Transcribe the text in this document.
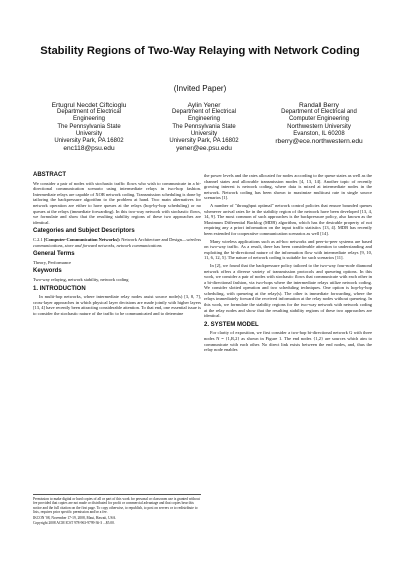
Stability Regions of Two-Way Relaying with Network Coding
(Invited Paper)
Ertugrul Necdet Ciftcioglu
Department of Electrical
Engineering
The Pennsylvania State
University
University Park, PA 16802
enc118@psu.edu
Aylin Yener
Department of Electrical
Engineering
The Pennsylvania State
University
University Park, PA 16802
yener@ee.psu.edu
Randall Berry
Department of Electrical and
Computer Engineering
Northwestern University
Evanston, IL 60208
rberry@ece.northwestern.edu
ABSTRACT

We consider a pair of nodes with stochastic traffic flows who wish to communicate in a bi-directional communication scenario using intermediate relays in two-hop fashion. Intermediate relays are capable of XOR network coding. Transmission scheduling is done by tailoring the backpressure algorithm to the problem at hand. Two main alternatives for network operation are either to have queues at the relays (hop-by-hop scheduling) or no queues at the relays (immediate forwarding). In this two-way network with stochastic flows, we formulate and show that the resulting stability regions of these two approaches are identical.

Categories and Subject Descriptors

C.2.1 [Computer-Communication Networks]: Network Architecture and Design—wireless communications, store and forward networks, network communications

General Terms

Theory, Performance

Keywords

Two-way relaying, network stability, network coding

1. INTRODUCTION

In multi-hop networks, where intermediate relay nodes assist source node(s) [3, 8, 7], cross-layer approaches in which physical layer decisions are made jointly with higher layers [13, 4] have recently been attracting considerable attention. To that end, one essential issue is to consider the stochastic nature of the traffic to be communicated and to determine

Permission to make digital or hard copies of all or part of this work for personal or classroom use is granted without fee provided that copies are not made or distributed for profit or commercial advantage and that copies bear this notice and the full citation on the first page. To copy otherwise, to republish, to post on servers or to redistribute to lists, requires prior specific permission and/or a fee.

IKCON '08, November 17-19, 2008, Maui, Hawaii, USA.

Copyright 2008 ACM ICST 978-963-9799-36-3 ...$5.00.

the power levels and the rates allocated for nodes according to the queue states as well as the channel states and allowable transmission modes [4, 13, 14]. Another topic of recently growing interest is network coding, where data is mixed at intermediate nodes in the network. Network coding has been shown to maximize multicast rate in single source scenarios [1].

A number of "throughput optimal" network control policies that ensure bounded queues whenever arrival rates lie in the stability region of the network have been developed [13, 4, 14, 9]. The most common of such approaches is the backpressure policy, also known as the Maximum Differential Backlog (MDB) algorithm, which has the desirable property of not requiring any a priori information on the input traffic statistics [13, 4]. MDB has recently been extended for cooperative communication scenarios as well [14].

Many wireless applications such as ad-hoc networks and peer-to-peer systems are based on two-way traffic. As a result, there has been considerable attention to understanding and exploiting the bi-directional nature of the information flow with intermediate relays [9, 10, 11, 6, 12, 5]. The nature of network coding is suitable for such scenarios [11].

In [2], we found that the backpressure policy tailored to the two-way four-node diamond network offers a diverse variety of transmission protocols and queueing options. In this work, we consider a pair of nodes with stochastic flows that communicate with each other in a bi-directional fashion, via two-hops where the intermediate relays utilize network coding. We consider slotted operation and two scheduling techniques. One option is hop-by-hop scheduling, with queueing at the relay(s). The other is immediate forwarding, where the relays immediately forward the received information at the relay nodes without queueing. In this work, we formulate the stability regions for the two-way network with network coding at the relay nodes and show that the resulting stability regions of these two approaches are identical.

2. SYSTEM MODEL

For clarity of exposition, we first consider a two-hop bi-directional network G with three nodes N = {1,R,2} as shown in Figure 1. The end nodes {1,2} are sources which aim to communicate with each other. No direct link exists between the end nodes, and, thus the relay node enables
